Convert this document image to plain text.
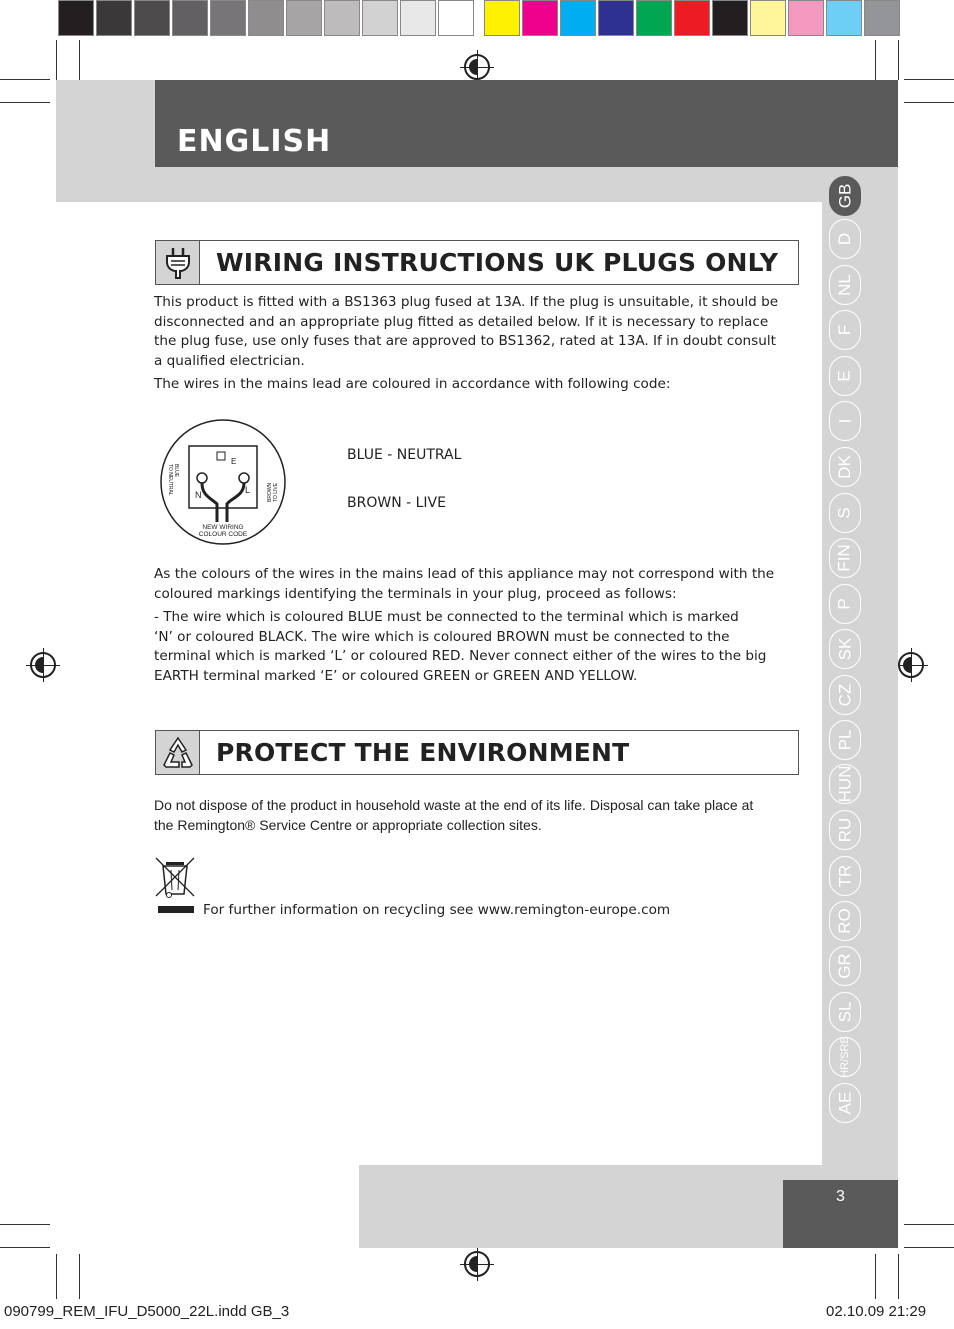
ENGLISH
WIRING INSTRUCTIONS UK PLUGS ONLY
This product is fitted with a BS1363 plug fused at 13A. If the plug is unsuitable, it should be
disconnected and an appropriate plug fitted as detailed below. If it is necessary to replace
the plug fuse, use only fuses that are approved to BS1362, rated at 13A. If in doubt consult
a qualified electrician.
The wires in the mains lead are coloured in accordance with following code:
E
N	L
BLUE
TO NEUTRAL	BROWN TO LIVE
NEW WIRING
COLOUR CODE
BLUE - NEUTRAL
BROWN - LIVE
As the colours of the wires in the mains lead of this appliance may not correspond with the
coloured markings identifying the terminals in your plug, proceed as follows:
- The wire which is coloured BLUE must be connected to the terminal which is marked
‘N’ or coloured BLACK. The wire which is coloured BROWN must be connected to the
terminal which is marked ‘L’ or coloured RED. Never connect either of the wires to the big
EARTH terminal marked ‘E’ or coloured GREEN or GREEN AND YELLOW.
PROTECT THE ENVIRONMENT
Do not dispose of the product in household waste at the end of its life. Disposal can take place at
the Remington® Service Centre or appropriate collection sites.
For further information on recycling see www.remington-europe.com
3
090799_REM_IFU_D5000_22L.indd GB_3	02.10.09 21:29
GB
D
NL
F
E
I
DK
S
FIN
P
SK
CZ
PL
HUN
RU
TR
RO
GR
SL
HR/SRB
AE
